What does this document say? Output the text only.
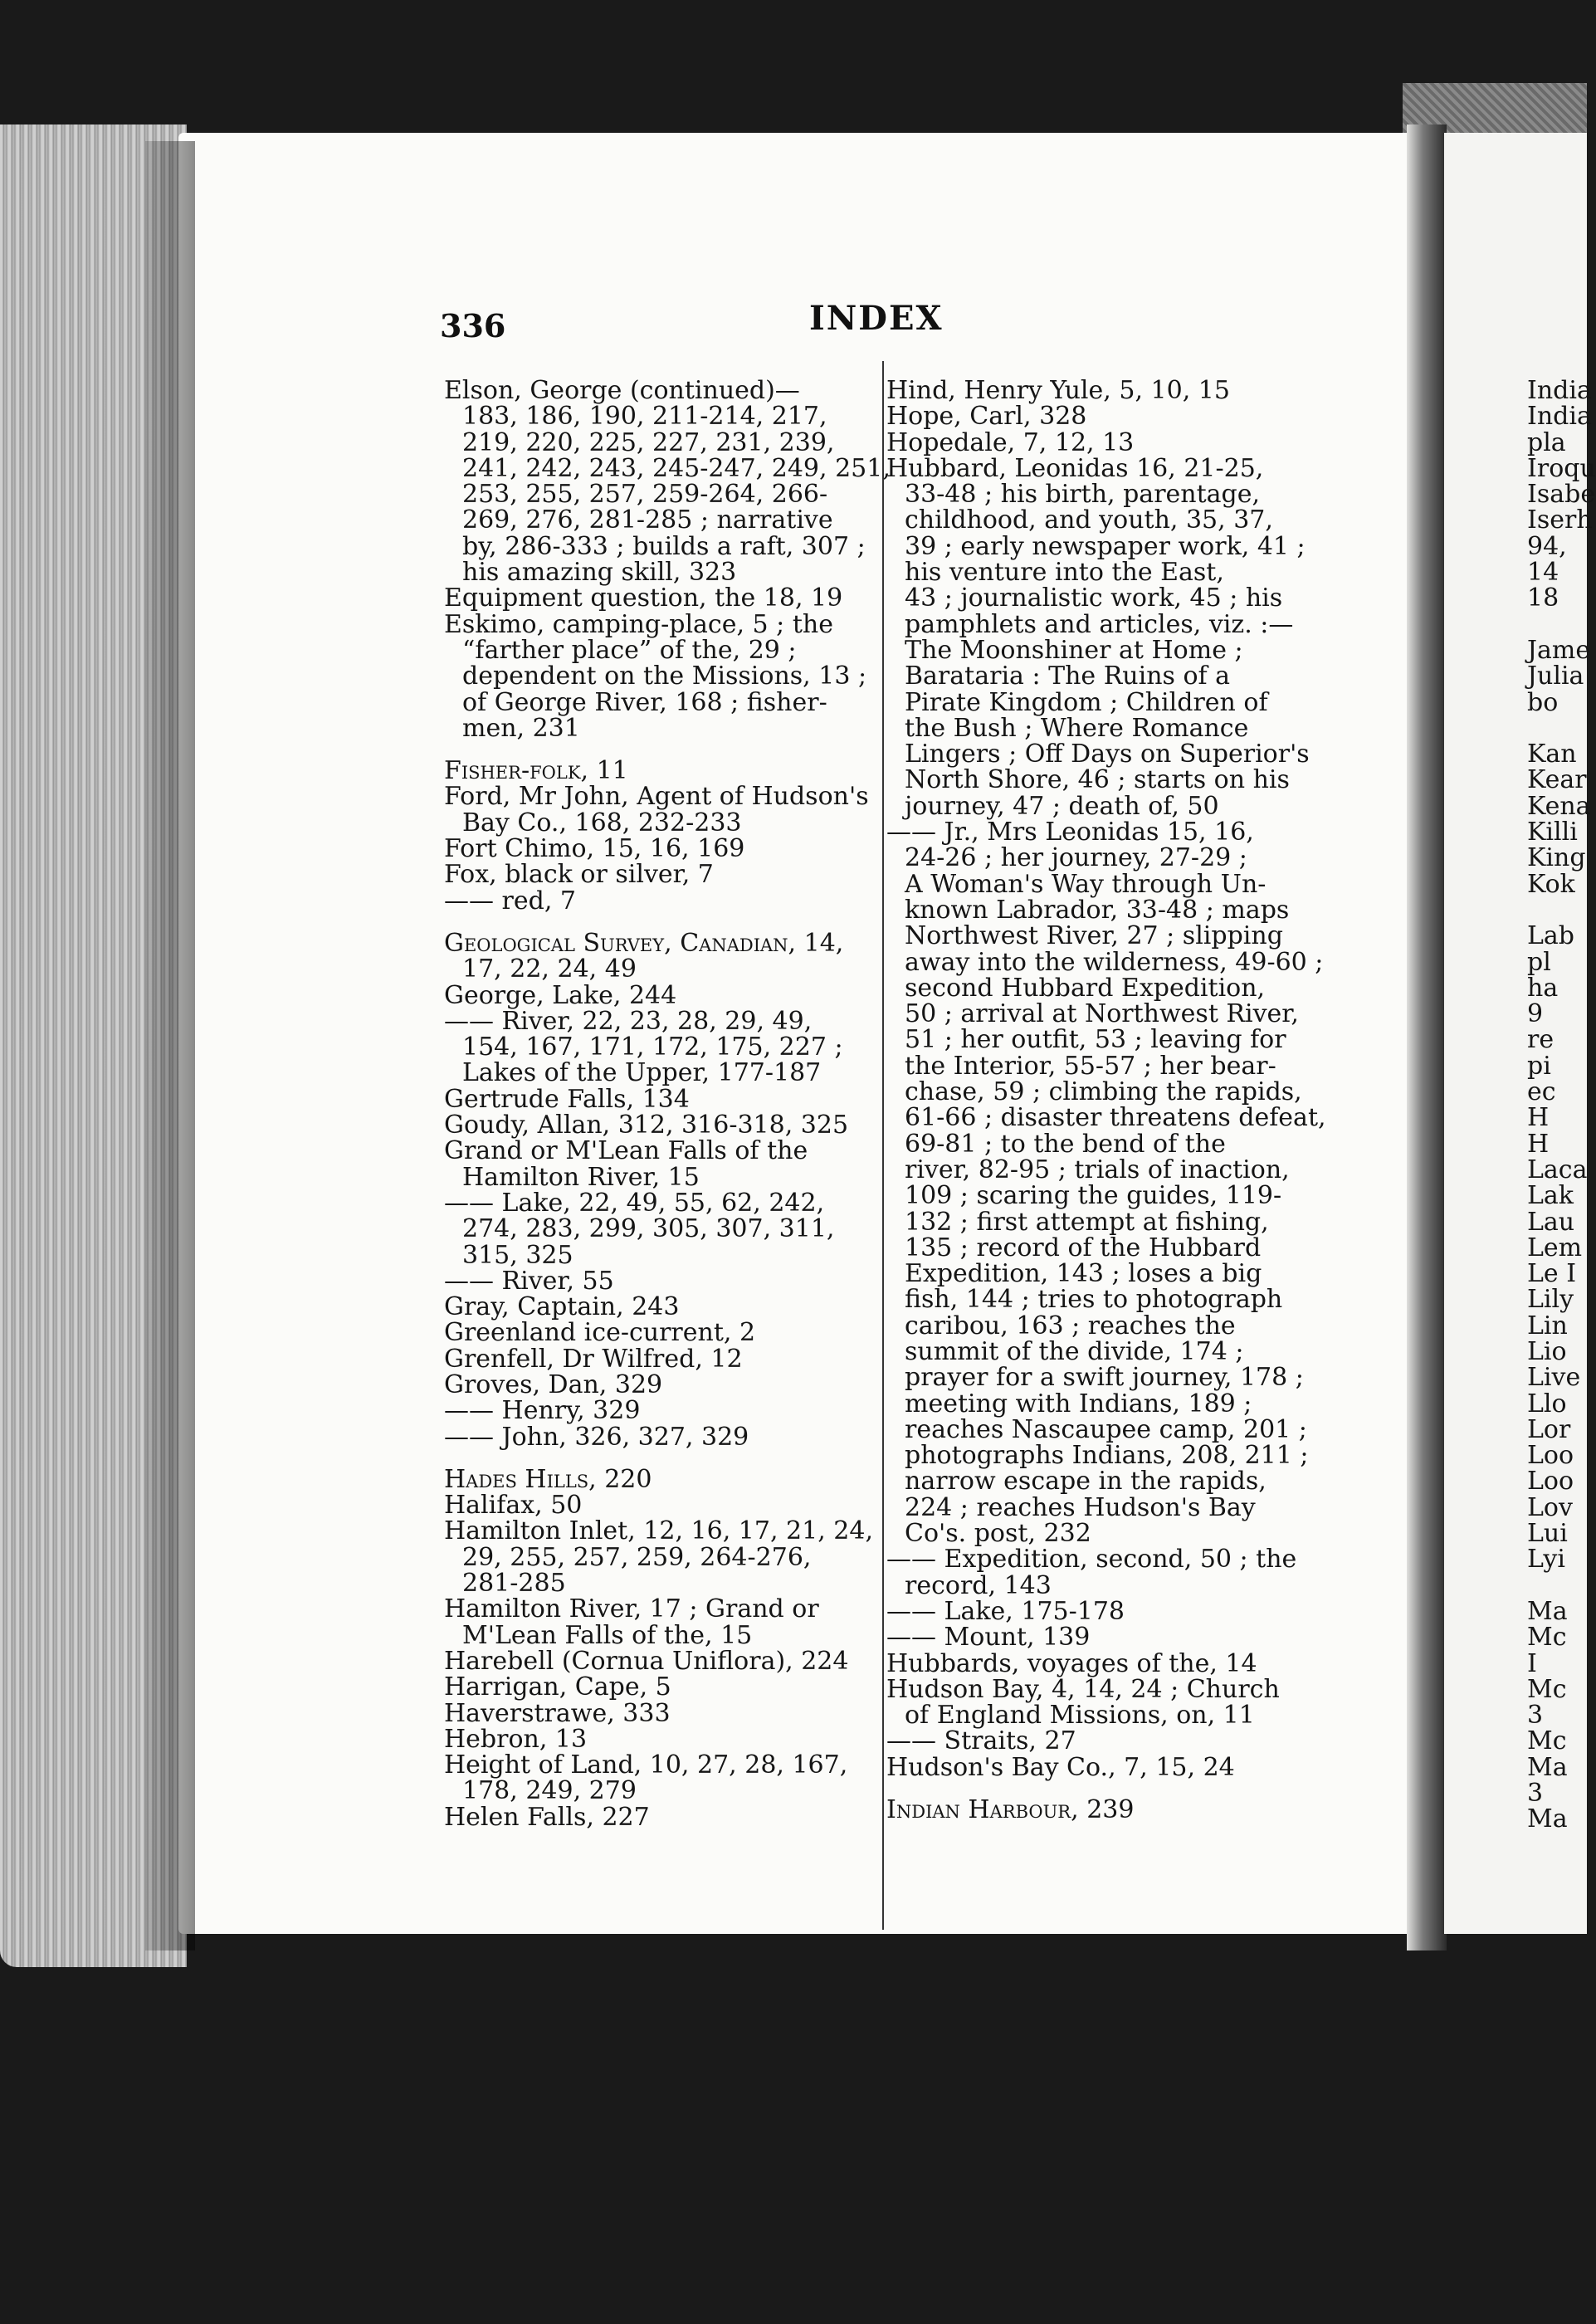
336	INDEX
Elson, George (continued)—
183, 186, 190, 211-214, 217,
219, 220, 225, 227, 231, 239,
241, 242, 243, 245-247, 249, 251,
253, 255, 257, 259-264, 266-
269, 276, 281-285 ; narrative
by, 286-333 ; builds a raft, 307 ;
his amazing skill, 323
Equipment question, the 18, 19
Eskimo, camping-place, 5 ; the
“farther place” of the, 29 ;
dependent on the Missions, 13 ;
of George River, 168 ; fisher-
men, 231
Fisher-folk, 11
Ford, Mr John, Agent of Hudson's
Bay Co., 168, 232-233
Fort Chimo, 15, 16, 169
Fox, black or silver, 7
—— red, 7
Geological Survey, Canadian, 14,
17, 22, 24, 49
George, Lake, 244
—— River, 22, 23, 28, 29, 49,
154, 167, 171, 172, 175, 227 ;
Lakes of the Upper, 177-187
Gertrude Falls, 134
Goudy, Allan, 312, 316-318, 325
Grand or M'Lean Falls of the
Hamilton River, 15
—— Lake, 22, 49, 55, 62, 242,
274, 283, 299, 305, 307, 311,
315, 325
—— River, 55
Gray, Captain, 243
Greenland ice-current, 2
Grenfell, Dr Wilfred, 12
Groves, Dan, 329
—— Henry, 329
—— John, 326, 327, 329
Hades Hills, 220
Halifax, 50
Hamilton Inlet, 12, 16, 17, 21, 24,
29, 255, 257, 259, 264-276,
281-285
Hamilton River, 17 ; Grand or
M'Lean Falls of the, 15
Harebell (Cornua Uniflora), 224
Harrigan, Cape, 5
Haverstrawe, 333
Hebron, 13
Height of Land, 10, 27, 28, 167,
178, 249, 279
Helen Falls, 227
Hind, Henry Yule, 5, 10, 15
Hope, Carl, 328
Hopedale, 7, 12, 13
Hubbard, Leonidas 16, 21-25,
33-48 ; his birth, parentage,
childhood, and youth, 35, 37,
39 ; early newspaper work, 41 ;
his venture into the East,
43 ; journalistic work, 45 ; his
pamphlets and articles, viz. :—
The Moonshiner at Home ;
Barataria : The Ruins of a
Pirate Kingdom ; Children of
the Bush ; Where Romance
Lingers ; Off Days on Superior's
North Shore, 46 ; starts on his
journey, 47 ; death of, 50
—— Jr., Mrs Leonidas 15, 16,
24-26 ; her journey, 27-29 ;
A Woman's Way through Un-
known Labrador, 33-48 ; maps
Northwest River, 27 ; slipping
away into the wilderness, 49-60 ;
second Hubbard Expedition,
50 ; arrival at Northwest River,
51 ; her outfit, 53 ; leaving for
the Interior, 55-57 ; her bear-
chase, 59 ; climbing the rapids,
61-66 ; disaster threatens defeat,
69-81 ; to the bend of the
river, 82-95 ; trials of inaction,
109 ; scaring the guides, 119-
132 ; first attempt at fishing,
135 ; record of the Hubbard
Expedition, 143 ; loses a big
fish, 144 ; tries to photograph
caribou, 163 ; reaches the
summit of the divide, 174 ;
prayer for a swift journey, 178 ;
meeting with Indians, 189 ;
reaches Nascaupee camp, 201 ;
photographs Indians, 208, 211 ;
narrow escape in the rapids,
224 ; reaches Hudson's Bay
Co's. post, 232
—— Expedition, second, 50 ; the
record, 143
—— Lake, 175-178
—— Mount, 139
Hubbards, voyages of the, 14
Hudson Bay, 4, 14, 24 ; Church
of England Missions, on, 11
—— Straits, 27
Hudson's Bay Co., 7, 15, 24
Indian Harbour, 239
India
India
pla
Iroqu
Isabe
Iserh
94,
14
18
Jame
Julia
bo
Kan
Kear
Kena
Killi
King
Kok
Lab
pl
ha
9
re
pi
ec
H
H
Laca
Lak
Lau
Lem
Le I
Lily
Lin
Lio
Live
Llo
Lor
Loo
Loo
Lov
Lui
Lyi
Ma
Mc
I
Mc
3
Mc
Ma
3
Ma
